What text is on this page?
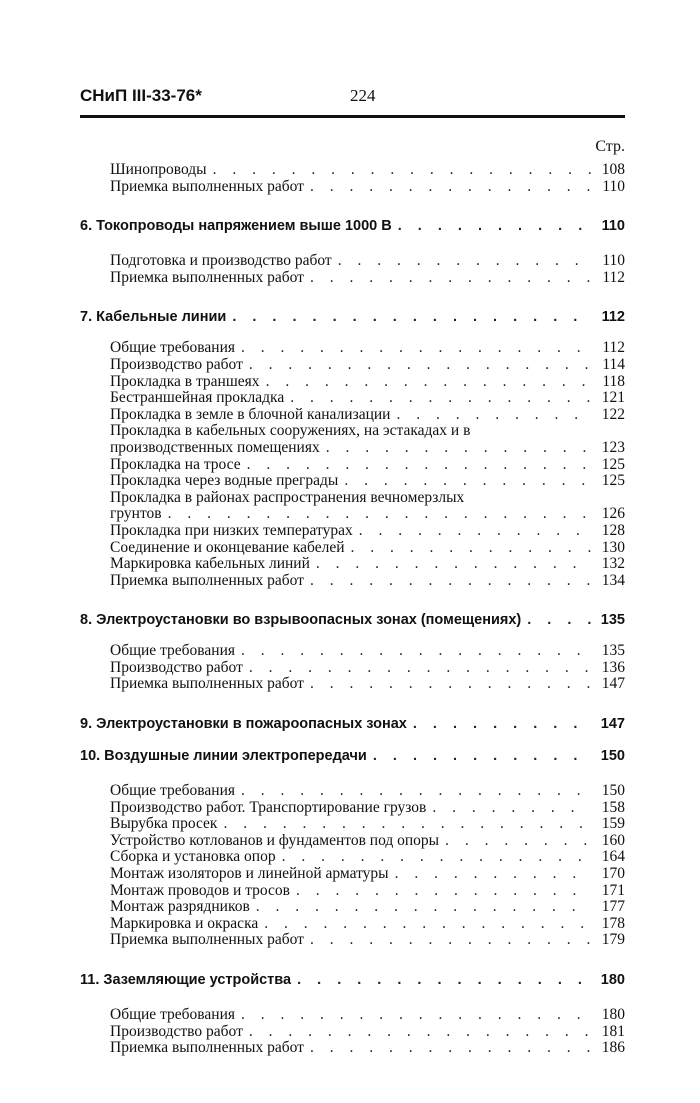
СНиП III-33-76*	224
Стр.
Шинопроводы . . .	108
Приемка выполненных работ . . .	110
6. Токопроводы напряжением выше 1000 В . . .	110
Подготовка и производство работ . . .	110
Приемка выполненных работ . . .	112
7. Кабельные линии . . .	112
Общие требования . . .	112
Производство работ . . .	114
Прокладка в траншеях . . .	118
Бестраншейная прокладка . . .	121
Прокладка в земле в блочной канализации . . .	122
Прокладка в кабельных сооружениях, на эстакадах и в
производственных помещениях . . .	123
Прокладка на тросе . . .	125
Прокладка через водные преграды . . .	125
Прокладка в районах распространения вечномерзлых
грунтов . . .	126
Прокладка при низких температурах . . .	128
Соединение и оконцевание кабелей . . .	130
Маркировка кабельных линий . . .	132
Приемка выполненных работ . . .	134
8. Электроустановки во взрывоопасных зонах (помещениях) . . .	135
Общие требования . . .	135
Производство работ . . .	136
Приемка выполненных работ . . .	147
9. Электроустановки в пожароопасных зонах . . .	147
10. Воздушные линии электропередачи . . .	150
Общие требования . . .	150
Производство работ. Транспортирование грузов . . .	158
Вырубка просек . . .	159
Устройство котлованов и фундаментов под опоры . . .	160
Сборка и установка опор . . .	164
Монтаж изоляторов и линейной арматуры . . .	170
Монтаж проводов и тросов . . .	171
Монтаж разрядников . . .	177
Маркировка и окраска . . .	178
Приемка выполненных работ . . .	179
11. Заземляющие устройства . . .	180
Общие требования . . .	180
Производство работ . . .	181
Приемка выполненных работ . . .	186
